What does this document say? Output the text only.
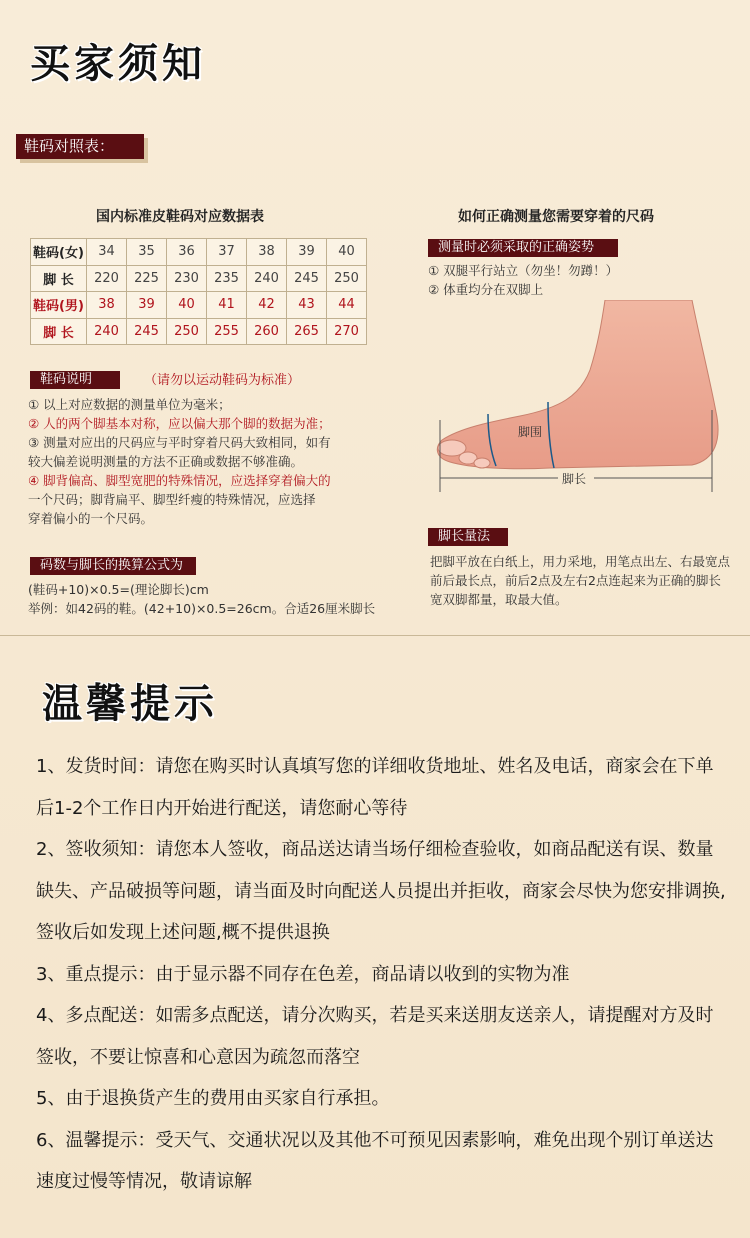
买家须知
鞋码对照表：
国内标准皮鞋码对应数据表	如何正确测量您需要穿着的尺码
鞋码(女)	34	35	36	37	38	39	40
脚 长	220	225	230	235	240	245	250
鞋码(男)	38	39	40	41	42	43	44
脚 长	240	245	250	255	260	265	270
鞋码说明	（请勿以运动鞋码为标准）
① 以上对应数据的测量单位为毫米；
② 人的两个脚基本对称，应以偏大那个脚的数据为准；
③ 测量对应出的尺码应与平时穿着尺码大致相同，如有
较大偏差说明测量的方法不正确或数据不够准确。
④ 脚背偏高、脚型宽肥的特殊情况，应选择穿着偏大的
一个尺码；脚背扁平、脚型纤瘦的特殊情况，应选择
穿着偏小的一个尺码。
码数与脚长的换算公式为
(鞋码+10)×0.5=(理论脚长)cm
举例：如42码的鞋。(42+10)×0.5=26cm。合适26厘米脚长
测量时必须采取的正确姿势
① 双腿平行站立（勿坐！勿蹲！）
② 体重均分在双脚上
脚围
脚长
脚长量法
把脚平放在白纸上，用力采地，用笔点出左、右最宽点前后最长点，前后2点及左右2点连起来为正确的脚长宽双脚都量，取最大值。
温馨提示

1、发货时间：请您在购买时认真填写您的详细收货地址、姓名及电话，商家会在下单后1-2个工作日内开始进行配送，请您耐心等待

2、签收须知：请您本人签收，商品送达请当场仔细检查验收，如商品配送有误、数量缺失、产品破损等问题，请当面及时向配送人员提出并拒收，商家会尽快为您安排调换,签收后如发现上述问题,概不提供退换

3、重点提示：由于显示器不同存在色差，商品请以收到的实物为准

4、多点配送：如需多点配送，请分次购买，若是买来送朋友送亲人，请提醒对方及时签收，不要让惊喜和心意因为疏忽而落空

5、由于退换货产生的费用由买家自行承担。

6、温馨提示：受天气、交通状况以及其他不可预见因素影响，难免出现个别订单送达速度过慢等情况，敬请谅解
